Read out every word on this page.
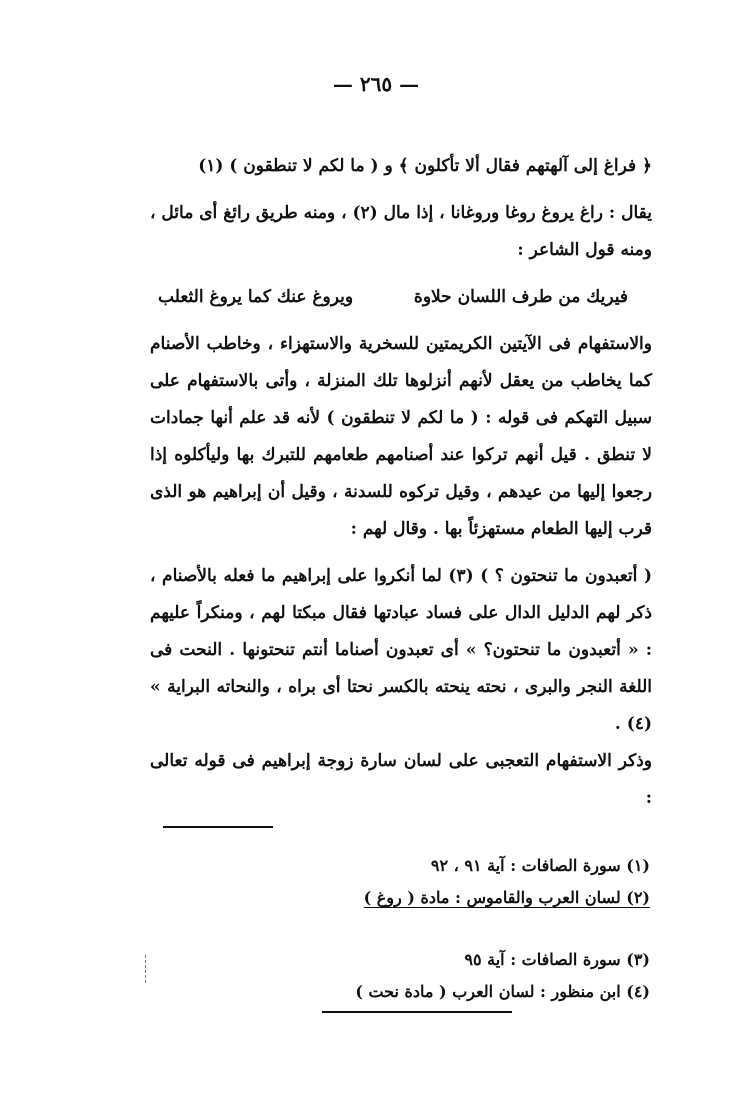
— ٢٦٥ —

﴿ فراغ إلى آلهتهم فقال ألا تأكلون ﴾ و ( ما لكم لا تنطقون ) (١)

يقال : راغ يروغ روغا وروغانا ، إذا مال (٢) ، ومنه طريق رائغ أى مائل ، ومنه قول الشاعر :

فيريك من طرف اللسان حلاوة
ويروغ عنك كما يروغ الثعلب

والاستفهام فى الآيتين الكريمتين للسخرية والاستهزاء ، وخاطب الأصنام كما يخاطب من يعقل لأنهم أنزلوها تلك المنزلة ، وأتى بالاستفهام على سبيل التهكم فى قوله : ( ما لكم لا تنطقون ) لأنه قد علم أنها جمادات لا تنطق . قيل أنهم تركوا عند أصنامهم طعامهم للتبرك بها وليأكلوه إذا رجعوا إليها من عيدهم ، وقيل تركوه للسدنة ، وقيل أن إبراهيم هو الذى قرب إليها الطعام مستهزئاً بها . وقال لهم :

( أتعبدون ما تنحتون ؟ ) (٣) لما أنكروا على إبراهيم ما فعله بالأصنام ، ذكر لهم الدليل الدال على فساد عبادتها فقال مبكتا لهم ، ومنكراً عليهم : « أتعبدون ما تنحتون؟ » أى تعبدون أصناما أنتم تنحتونها . النحت فى اللغة النجر والبرى ، نحته ينحته بالكسر نحتا أى براه ، والنحاته البراية » (٤) .

وذكر الاستفهام التعجبى على لسان سارة زوجة إبراهيم فى قوله تعالى :

(١) سورة الصافات : آية ٩١ ، ٩٢

(٢) لسان العرب والقاموس : مادة ( روغ )

(٣) سورة الصافات : آية ٩٥

(٤) ابن منظور : لسان العرب ( مادة نحت )
